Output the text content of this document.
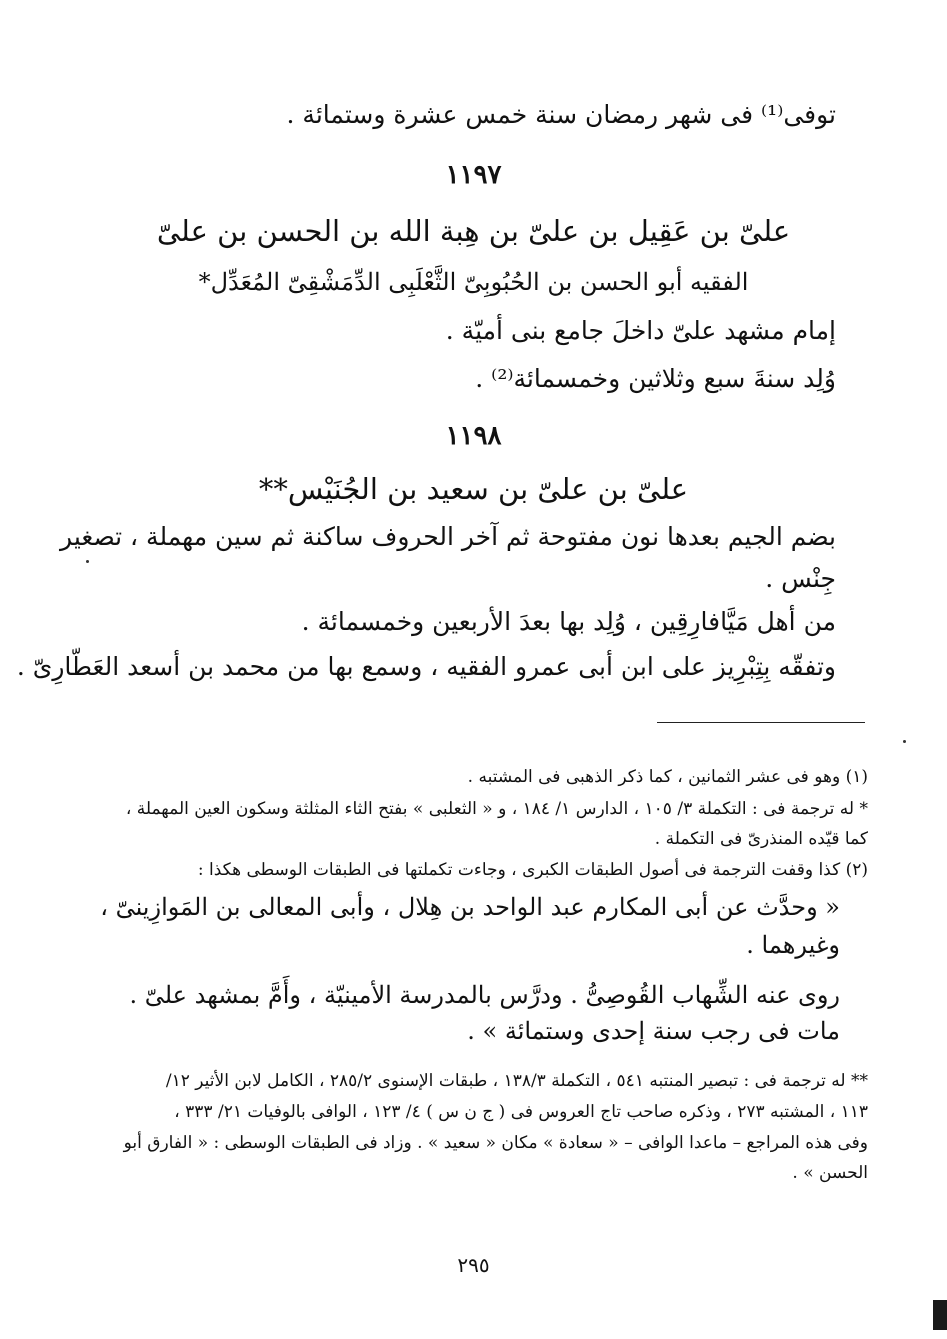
توفى⁽¹⁾ فى شهر رمضان سنة خمس عشرة وستمائة .
١١٩٧
علىّ بن عَقِيل بن علىّ بن هِبة الله بن الحسن بن علىّ
الفقيه أبو الحسن بن الحُبُوبِىّ الثَّعْلَبِى الدِّمَشْقِىّ المُعَدِّل*
إمام مشهد علىّ داخلَ جامع بنى أميّة .
وُلِد سنةَ سبع وثلاثين وخمسمائة⁽²⁾ .
١١٩٨
علىّ بن علىّ بن سعيد بن الجُنَيْس**
بضم الجيم بعدها نون مفتوحة ثم آخر الحروف ساكنة ثم سين مهملة ، تصغير
جِنْس .
من أهل مَيَّافارِقِين ، وُلِد بها بعدَ الأربعين وخمسمائة .
وتفقّه بِتِبْرِيز على ابن أبى عمرو الفقيه ، وسمع بها من محمد بن أسعد العَطّارِىّ .
(١) وهو فى عشر الثمانين ، كما ذكر الذهبى فى المشتبه .
* له ترجمة فى : التكملة ٣/ ١٠٥ ، الدارس ١/ ١٨٤ ، و « الثعلبى » بفتح الثاء المثلثة وسكون العين المهملة ،
كما قيّده المنذرىّ فى التكملة .
(٢) كذا وقفت الترجمة فى أصول الطبقات الكبرى ، وجاءت تكملتها فى الطبقات الوسطى هكذا :
« وحدَّث عن أبى المكارم عبد الواحد بن هِلال ، وأبى المعالى بن المَوازِينىّ ،
وغيرهما .
روى عنه الشِّهاب القُوصِىُّ . ودرَّس بالمدرسة الأمينيّة ، وأَمَّ بمشهد علىّ .
مات فى رجب سنة إحدى وستمائة » .
** له ترجمة فى : تبصير المنتبه ٥٤١ ، التكملة ١٣٨/٣ ، طبقات الإسنوى ٢٨٥/٢ ، الكامل لابن الأثير ١٢/
١١٣ ، المشتبه ٢٧٣ ، وذكره صاحب تاج العروس فى ( ج ن س ) ٤/ ١٢٣ ، الوافى بالوفيات ٢١/ ٣٣٣ ،
وفى هذه المراجع – ماعدا الوافى – « سعادة » مكان « سعيد » . وزاد فى الطبقات الوسطى : « الفارق أبو
الحسن » .
٢٩٥
